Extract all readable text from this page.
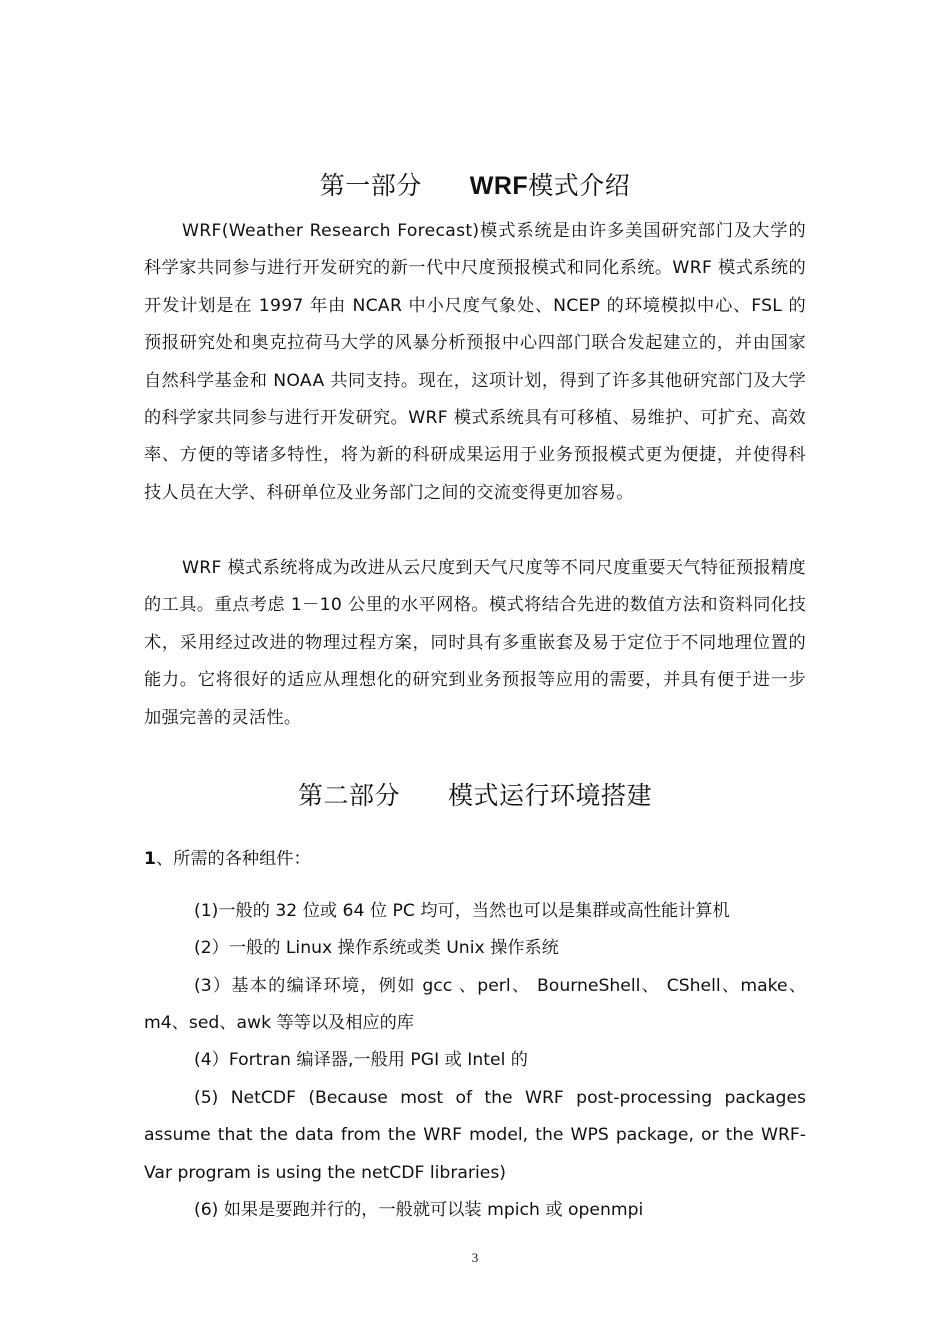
第一部分 WRF模式介绍

WRF(Weather Research Forecast)模式系统是由许多美国研究部门及大学的科学家共同参与进行开发研究的新一代中尺度预报模式和同化系统。WRF 模式系统的开发计划是在 1997 年由 NCAR 中小尺度气象处、NCEP 的环境模拟中心、FSL 的预报研究处和奥克拉荷马大学的风暴分析预报中心四部门联合发起建立的，并由国家自然科学基金和 NOAA 共同支持。现在，这项计划，得到了许多其他研究部门及大学的科学家共同参与进行开发研究。WRF 模式系统具有可移植、易维护、可扩充、高效率、方便的等诸多特性，将为新的科研成果运用于业务预报模式更为便捷，并使得科技人员在大学、科研单位及业务部门之间的交流变得更加容易。

WRF 模式系统将成为改进从云尺度到天气尺度等不同尺度重要天气特征预报精度的工具。重点考虑 1－10 公里的水平网格。模式将结合先进的数值方法和资料同化技术，采用经过改进的物理过程方案，同时具有多重嵌套及易于定位于不同地理位置的能力。它将很好的适应从理想化的研究到业务预报等应用的需要，并具有便于进一步加强完善的灵活性。

第二部分 模式运行环境搭建
1、所需的各种组件：

(1)一般的 32 位或 64 位 PC 均可，当然也可以是集群或高性能计算机

(2）一般的 Linux 操作系统或类 Unix 操作系统

(3）基本的编译环境，例如 gcc 、perl、 BourneShell、 CShell、make、m4、sed、awk 等等以及相应的库

(4）Fortran 编译器,一般用 PGI 或 Intel 的

(5) NetCDF (Because most of the WRF post-processing packages assume that the data from the WRF model, the WPS package, or the WRF-Var program is using the netCDF libraries)

(6) 如果是要跑并行的，一般就可以装 mpich 或 openmpi

3
